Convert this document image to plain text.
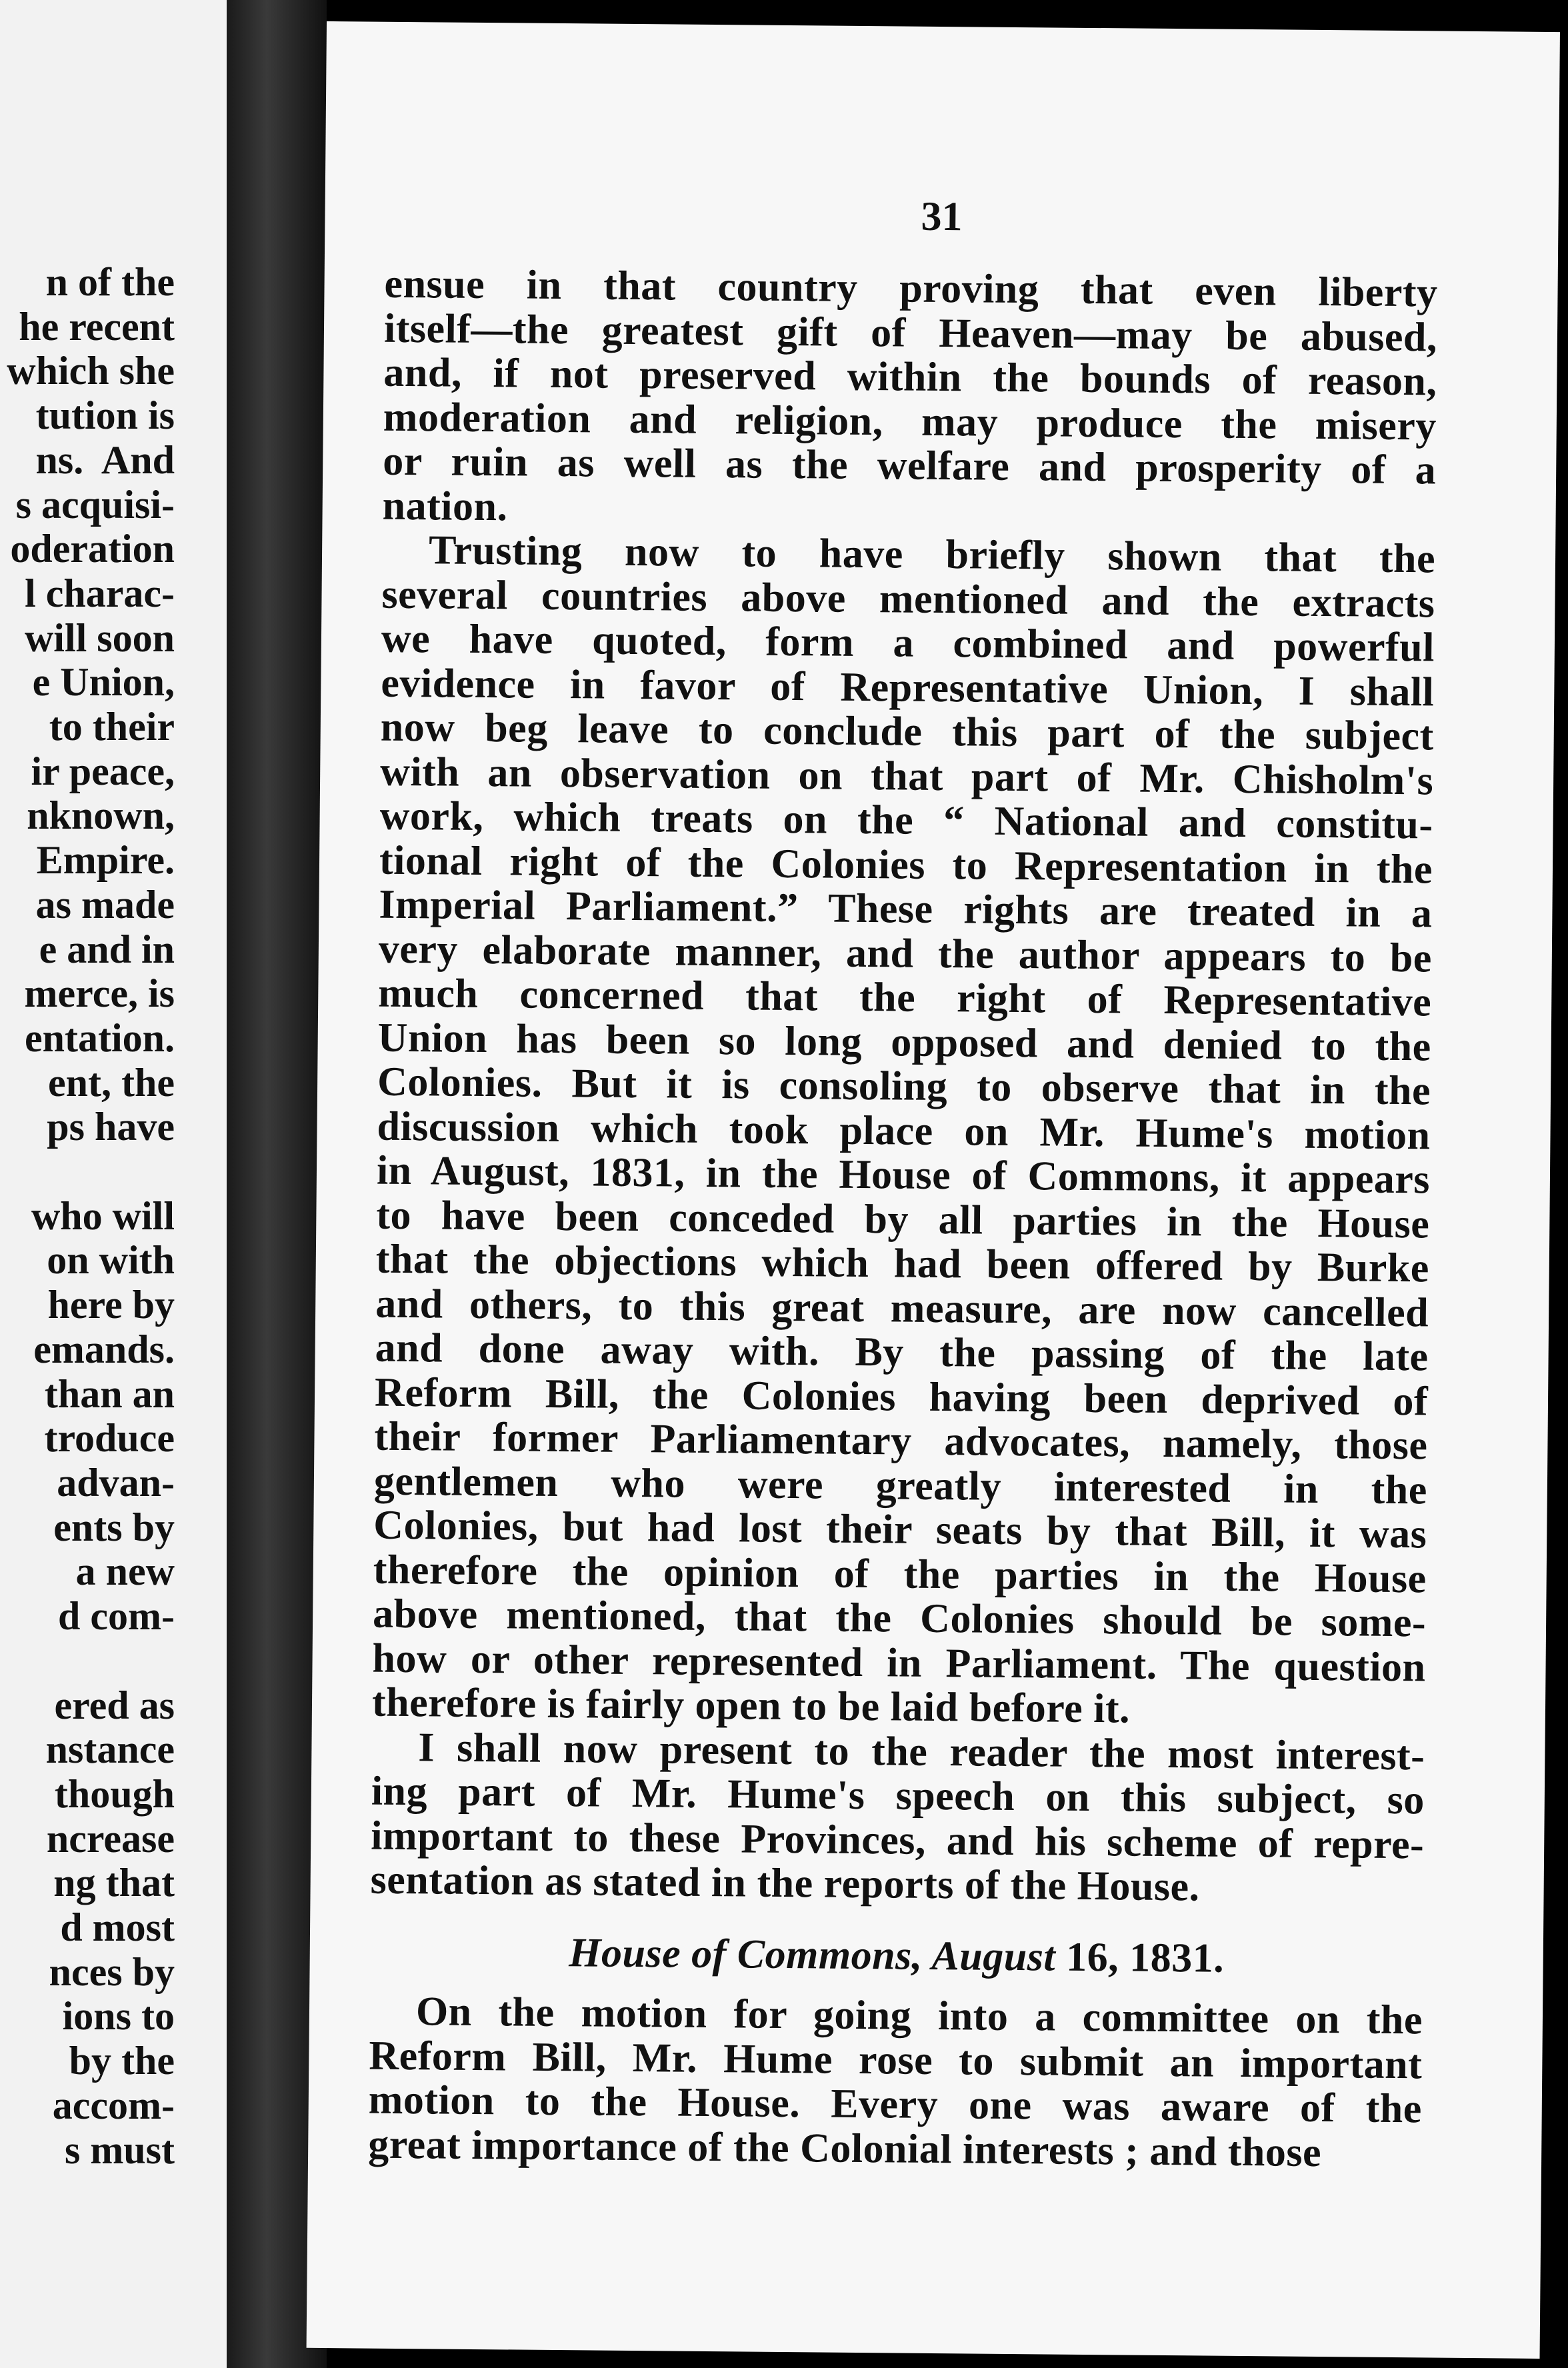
n of the
he recent
which she
tution is
ns.  And
s acquisi-
oderation
l charac-
will soon
e Union,
to their
ir peace,
nknown,
Empire.
as made
e and in
merce, is
entation.
ent, the
ps have

who will
on with
here by
emands.
than an
troduce
advan-
ents by
a new
d com-

ered as
nstance
though
ncrease
ng that
d most
nces by
ions to
by the
accom-
s must
31
ensue in that country proving that even liberty
itself—the greatest gift of Heaven—may be abused,
and, if not preserved within the bounds of reason,
moderation and religion, may produce the misery
or ruin as well as the welfare and prosperity of a
nation.
Trusting now to have briefly shown that the
several countries above mentioned and the extracts
we have quoted, form a combined and powerful
evidence in favor of Representative Union, I shall
now beg leave to conclude this part of the subject
with an observation on that part of Mr. Chisholm's
work, which treats on the “ National and constitu-
tional right of the Colonies to Representation in the
Imperial Parliament.” These rights are treated in a
very elaborate manner, and the author appears to be
much concerned that the right of Representative
Union has been so long opposed and denied to the
Colonies. But it is consoling to observe that in the
discussion which took place on Mr. Hume's motion
in August, 1831, in the House of Commons, it appears
to have been conceded by all parties in the House
that the objections which had been offered by Burke
and others, to this great measure, are now cancelled
and done away with. By the passing of the late
Reform Bill, the Colonies having been deprived of
their former Parliamentary advocates, namely, those
gentlemen who were greatly interested in the
Colonies, but had lost their seats by that Bill, it was
therefore the opinion of the parties in the House
above mentioned, that the Colonies should be some-
how or other represented in Parliament. The question
therefore is fairly open to be laid before it.
I shall now present to the reader the most interest-
ing part of Mr. Hume's speech on this subject, so
important to these Provinces, and his scheme of repre-
sentation as stated in the reports of the House.
House of Commons, August 16, 1831.
On the motion for going into a committee on the
Reform Bill, Mr. Hume rose to submit an important
motion to the House. Every one was aware of the
great importance of the Colonial interests ; and those
